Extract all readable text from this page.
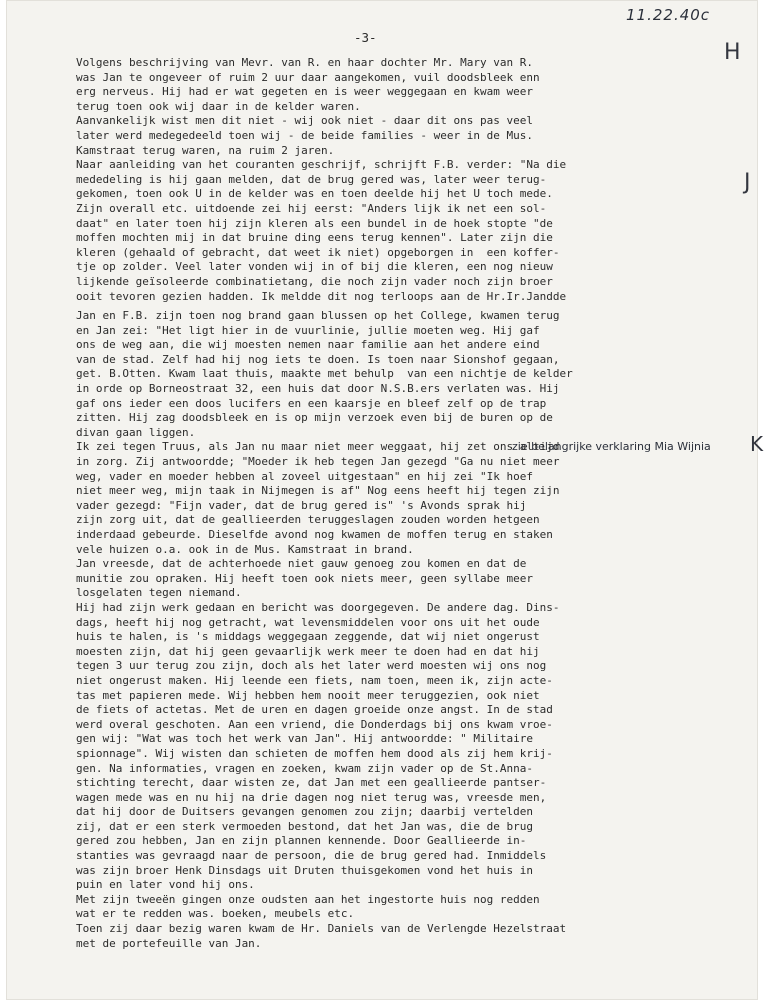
11.22.40c
-3-
H
J
K
zie belangrijke verklaring Mia Wijnia
Volgens beschrijving van Mevr. van R. en haar dochter Mr. Mary van R.
was Jan te ongeveer of ruim 2 uur daar aangekomen, vuil doodsbleek enn
erg nerveus. Hij had er wat gegeten en is weer weggegaan en kwam weer
terug toen ook wij daar in de kelder waren.
Aanvankelijk wist men dit niet - wij ook niet - daar dit ons pas veel
later werd medegedeeld toen wij - de beide families - weer in de Mus.
Kamstraat terug waren, na ruim 2 jaren.
Naar aanleiding van het couranten geschrijf, schrijft F.B. verder: "Na die
mededeling is hij gaan melden, dat de brug gered was, later weer terug-
gekomen, toen ook U in de kelder was en toen deelde hij het U toch mede.
Zijn overall etc. uitdoende zei hij eerst: "Anders lijk ik net een sol-
daat" en later toen hij zijn kleren als een bundel in de hoek stopte "de
moffen mochten mij in dat bruine ding eens terug kennen". Later zijn die
kleren (gehaald of gebracht, dat weet ik niet) opgeborgen in  een koffer-
tje op zolder. Veel later vonden wij in of bij die kleren, een nog nieuw
lijkende geïsoleerde combinatietang, die noch zijn vader noch zijn broer
ooit tevoren gezien hadden. Ik meldde dit nog terloops aan de Hr.Ir.Jandde
Jan en F.B. zijn toen nog brand gaan blussen op het College, kwamen terug
en Jan zei: "Het ligt hier in de vuurlinie, jullie moeten weg. Hij gaf
ons de weg aan, die wij moesten nemen naar familie aan het andere eind
van de stad. Zelf had hij nog iets te doen. Is toen naar Sionshof gegaan,
get. B.Otten. Kwam laat thuis, maakte met behulp  van een nichtje de kelder
in orde op Borneostraat 32, een huis dat door N.S.B.ers verlaten was. Hij
gaf ons ieder een doos lucifers en een kaarsje en bleef zelf op de trap
zitten. Hij zag doodsbleek en is op mijn verzoek even bij de buren op de
divan gaan liggen.
Ik zei tegen Truus, als Jan nu maar niet meer weggaat, hij zet ons altijd
in zorg. Zij antwoordde; "Moeder ik heb tegen Jan gezegd "Ga nu niet meer
weg, vader en moeder hebben al zoveel uitgestaan" en hij zei "Ik hoef
niet meer weg, mijn taak in Nijmegen is af" Nog eens heeft hij tegen zijn
vader gezegd: "Fijn vader, dat de brug gered is" 's Avonds sprak hij
zijn zorg uit, dat de geallieerden teruggeslagen zouden worden hetgeen
inderdaad gebeurde. Dieselfde avond nog kwamen de moffen terug en staken
vele huizen o.a. ook in de Mus. Kamstraat in brand.
Jan vreesde, dat de achterhoede niet gauw genoeg zou komen en dat de
munitie zou opraken. Hij heeft toen ook niets meer, geen syllabe meer
losgelaten tegen niemand.
Hij had zijn werk gedaan en bericht was doorgegeven. De andere dag. Dins-
dags, heeft hij nog getracht, wat levensmiddelen voor ons uit het oude
huis te halen, is 's middags weggegaan zeggende, dat wij niet ongerust
moesten zijn, dat hij geen gevaarlijk werk meer te doen had en dat hij
tegen 3 uur terug zou zijn, doch als het later werd moesten wij ons nog
niet ongerust maken. Hij leende een fiets, nam toen, meen ik, zijn acte-
tas met papieren mede. Wij hebben hem nooit meer teruggezien, ook niet
de fiets of actetas. Met de uren en dagen groeide onze angst. In de stad
werd overal geschoten. Aan een vriend, die Donderdags bij ons kwam vroe-
gen wij: "Wat was toch het werk van Jan". Hij antwoordde: " Militaire
spionnage". Wij wisten dan schieten de moffen hem dood als zij hem krij-
gen. Na informaties, vragen en zoeken, kwam zijn vader op de St.Anna-
stichting terecht, daar wisten ze, dat Jan met een geallieerde pantser-
wagen mede was en nu hij na drie dagen nog niet terug was, vreesde men,
dat hij door de Duitsers gevangen genomen zou zijn; daarbij vertelden
zij, dat er een sterk vermoeden bestond, dat het Jan was, die de brug
gered zou hebben, Jan en zijn plannen kennende. Door Geallieerde in-
stanties was gevraagd naar de persoon, die de brug gered had. Inmiddels
was zijn broer Henk Dinsdags uit Druten thuisgekomen vond het huis in
puin en later vond hij ons.
Met zijn tweeën gingen onze oudsten aan het ingestorte huis nog redden
wat er te redden was. boeken, meubels etc.
Toen zij daar bezig waren kwam de Hr. Daniels van de Verlengde Hezelstraat
met de portefeuille van Jan.
